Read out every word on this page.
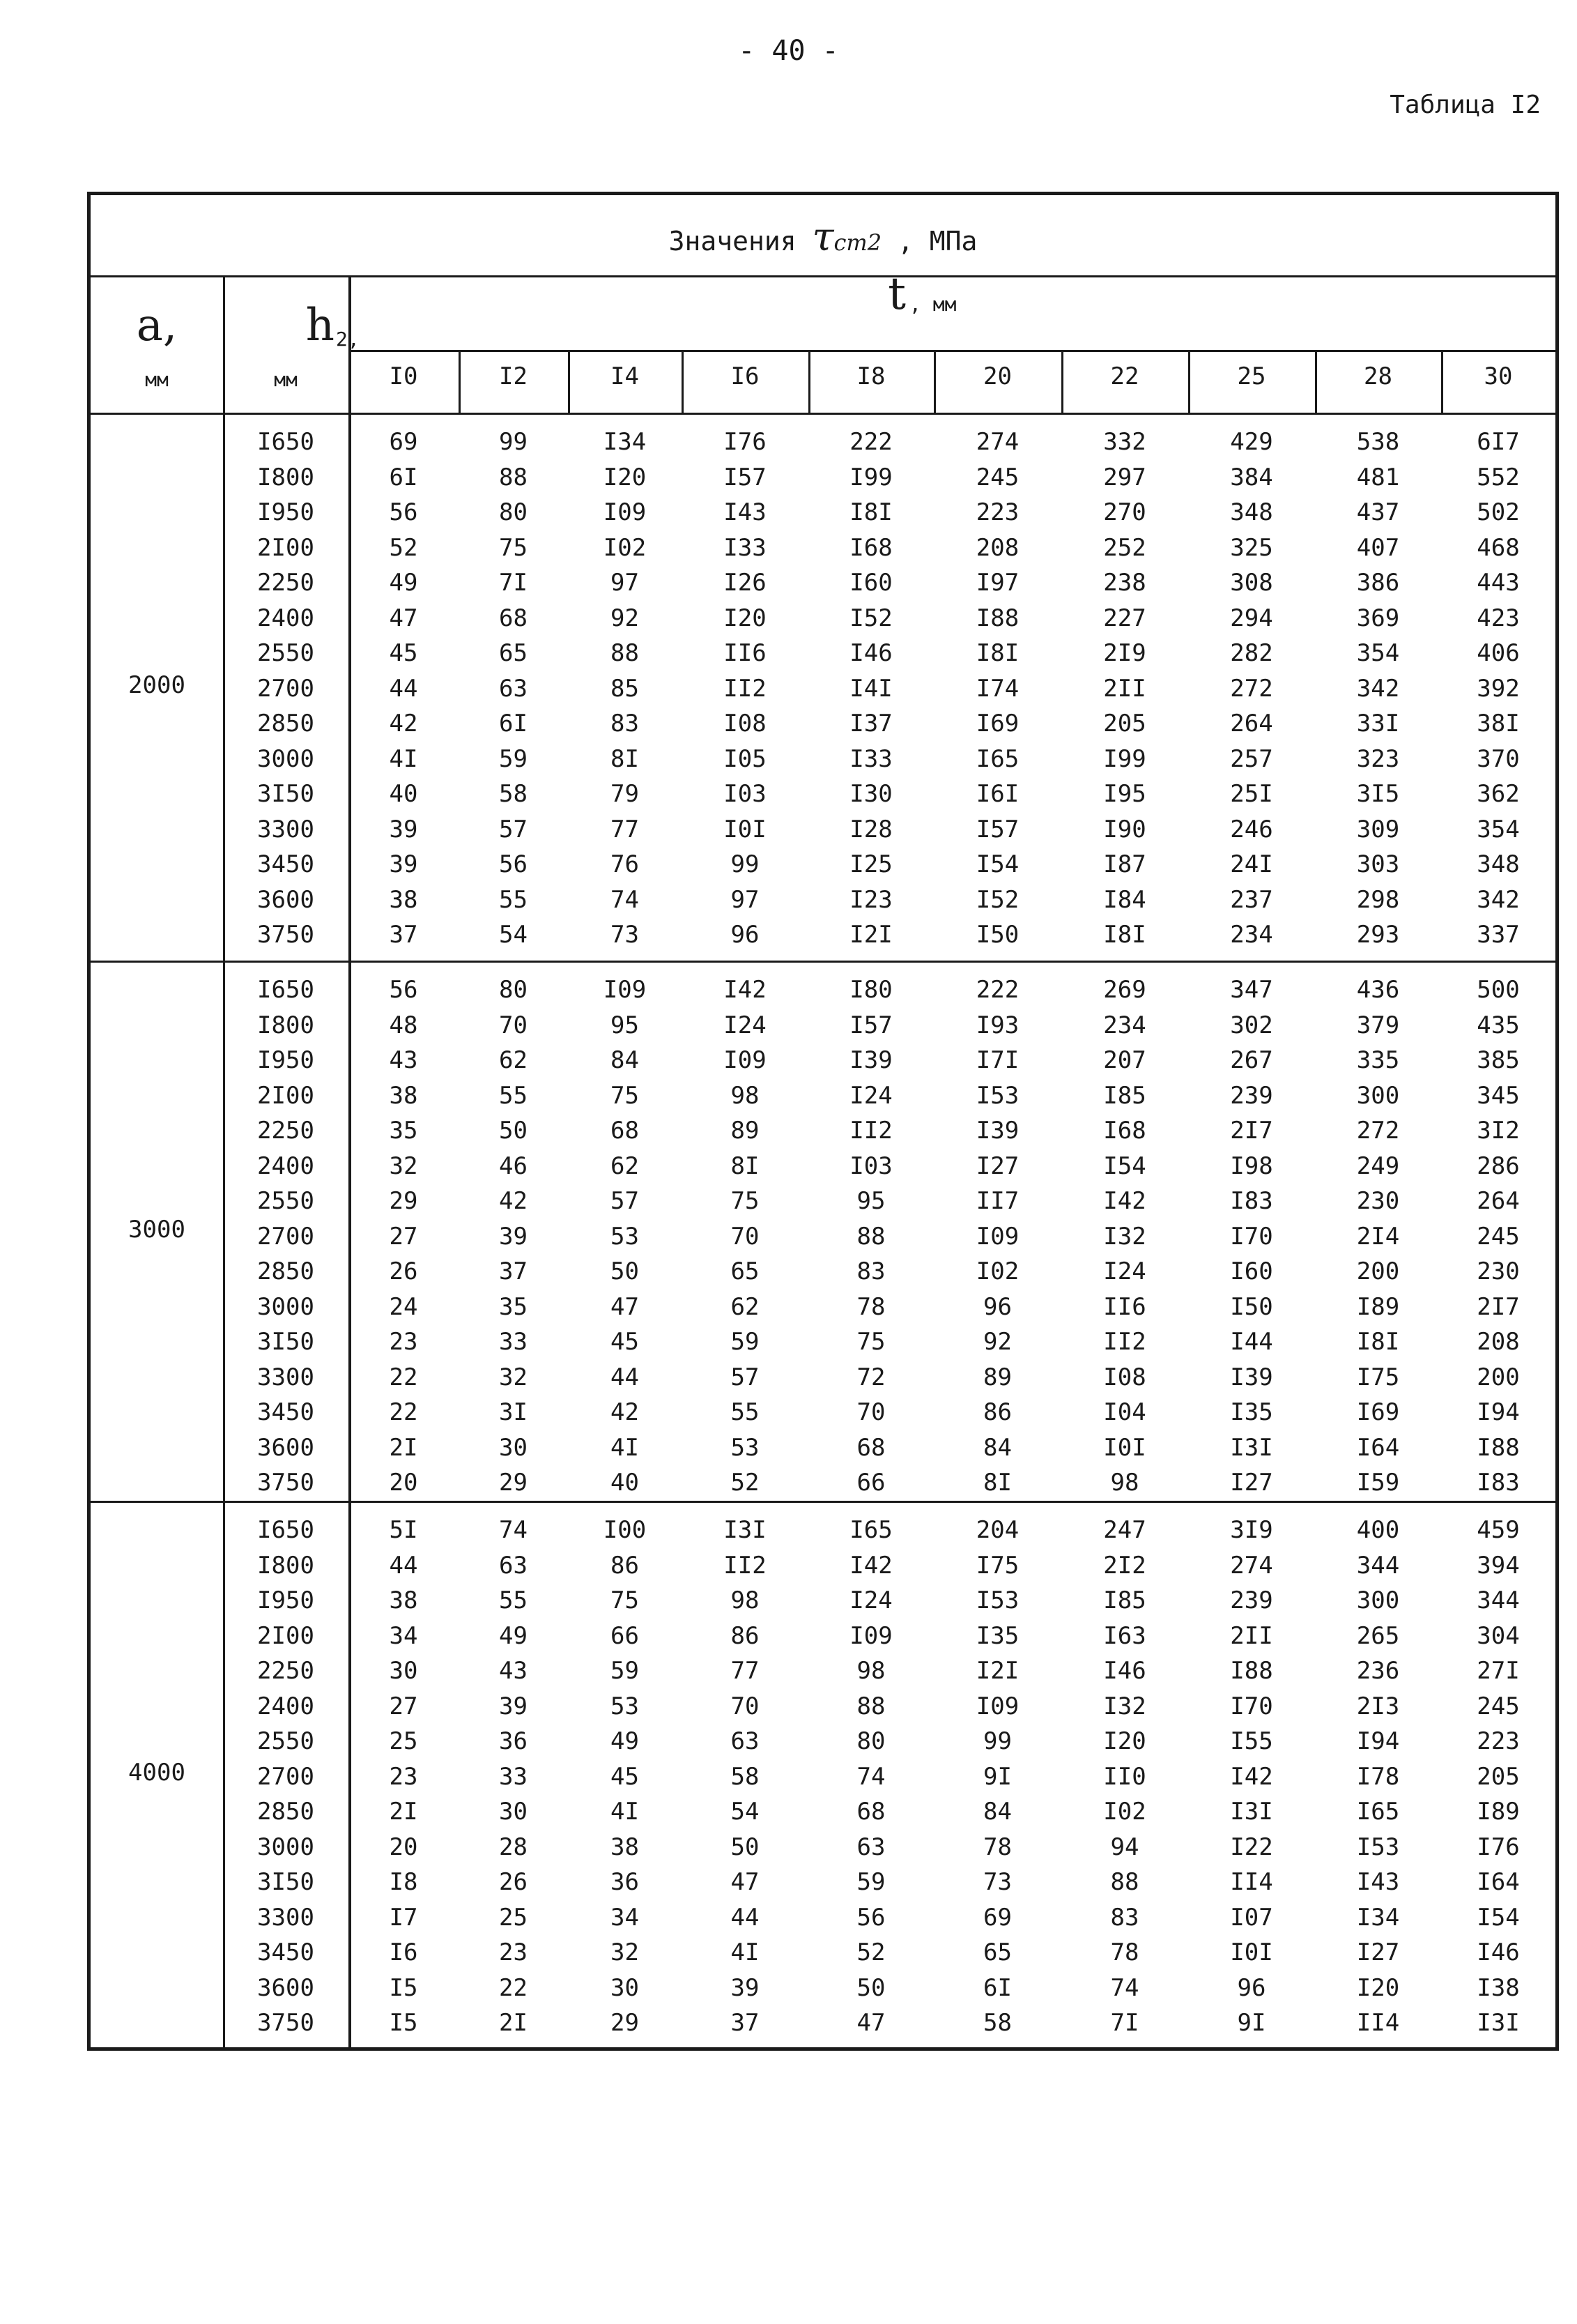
- 40 -
Таблица I2
Значения τст2 , МПа
a,
мм
h 2,
мм
t , мм
I0	I2	I4	I6	I8	20	22	25	28	30
2000
I650	69	99	I34	I76	222	274	332	429	538	6I7
I800	6I	88	I20	I57	I99	245	297	384	481	552
I950	56	80	I09	I43	I8I	223	270	348	437	502
2I00	52	75	I02	I33	I68	208	252	325	407	468
2250	49	7I	97	I26	I60	I97	238	308	386	443
2400	47	68	92	I20	I52	I88	227	294	369	423
2550	45	65	88	II6	I46	I8I	2I9	282	354	406
2700	44	63	85	II2	I4I	I74	2II	272	342	392
2850	42	6I	83	I08	I37	I69	205	264	33I	38I
3000	4I	59	8I	I05	I33	I65	I99	257	323	370
3I50	40	58	79	I03	I30	I6I	I95	25I	3I5	362
3300	39	57	77	I0I	I28	I57	I90	246	309	354
3450	39	56	76	99	I25	I54	I87	24I	303	348
3600	38	55	74	97	I23	I52	I84	237	298	342
3750	37	54	73	96	I2I	I50	I8I	234	293	337
3000
I650	56	80	I09	I42	I80	222	269	347	436	500
I800	48	70	95	I24	I57	I93	234	302	379	435
I950	43	62	84	I09	I39	I7I	207	267	335	385
2I00	38	55	75	98	I24	I53	I85	239	300	345
2250	35	50	68	89	II2	I39	I68	2I7	272	3I2
2400	32	46	62	8I	I03	I27	I54	I98	249	286
2550	29	42	57	75	95	II7	I42	I83	230	264
2700	27	39	53	70	88	I09	I32	I70	2I4	245
2850	26	37	50	65	83	I02	I24	I60	200	230
3000	24	35	47	62	78	96	II6	I50	I89	2I7
3I50	23	33	45	59	75	92	II2	I44	I8I	208
3300	22	32	44	57	72	89	I08	I39	I75	200
3450	22	3I	42	55	70	86	I04	I35	I69	I94
3600	2I	30	4I	53	68	84	I0I	I3I	I64	I88
3750	20	29	40	52	66	8I	98	I27	I59	I83
4000
I650	5I	74	I00	I3I	I65	204	247	3I9	400	459
I800	44	63	86	II2	I42	I75	2I2	274	344	394
I950	38	55	75	98	I24	I53	I85	239	300	344
2I00	34	49	66	86	I09	I35	I63	2II	265	304
2250	30	43	59	77	98	I2I	I46	I88	236	27I
2400	27	39	53	70	88	I09	I32	I70	2I3	245
2550	25	36	49	63	80	99	I20	I55	I94	223
2700	23	33	45	58	74	9I	II0	I42	I78	205
2850	2I	30	4I	54	68	84	I02	I3I	I65	I89
3000	20	28	38	50	63	78	94	I22	I53	I76
3I50	I8	26	36	47	59	73	88	II4	I43	I64
3300	I7	25	34	44	56	69	83	I07	I34	I54
3450	I6	23	32	4I	52	65	78	I0I	I27	I46
3600	I5	22	30	39	50	6I	74	96	I20	I38
3750	I5	2I	29	37	47	58	7I	9I	II4	I3I
